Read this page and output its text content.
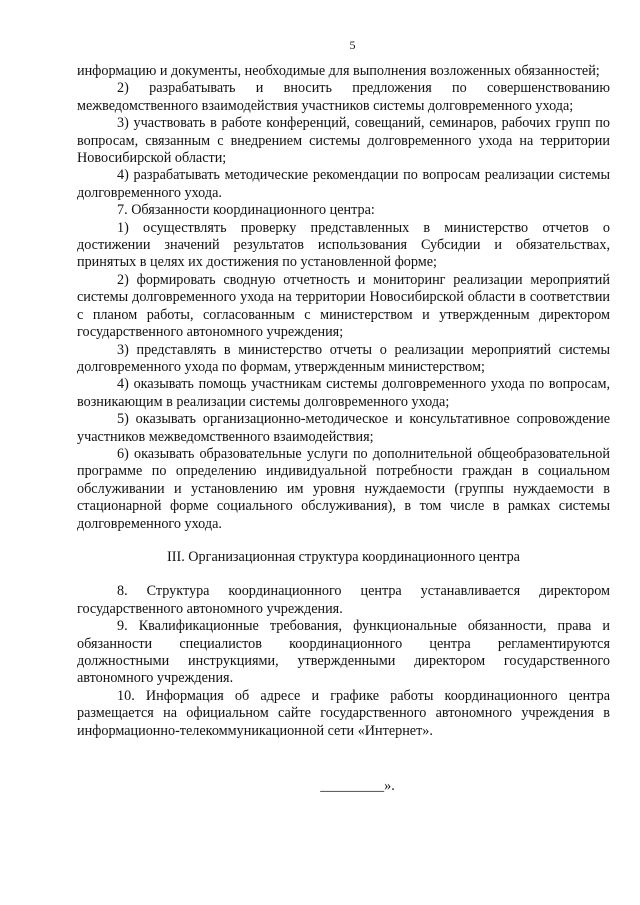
5

информацию и документы, необходимые для выполнения возложенных обязанностей;

2) разрабатывать и вносить предложения по совершенствованию межведомственного взаимодействия участников системы долговременного ухода;

3) участвовать в работе конференций, совещаний, семинаров, рабочих групп по вопросам, связанным с внедрением системы долговременного ухода на территории Новосибирской области;

4) разрабатывать методические рекомендации по вопросам реализации системы долговременного ухода.

7. Обязанности координационного центра:

1) осуществлять проверку представленных в министерство отчетов о достижении значений результатов использования Субсидии и обязательствах, принятых в целях их достижения по установленной форме;

2) формировать сводную отчетность и мониторинг реализации мероприятий системы долговременного ухода на территории Новосибирской области в соответствии с планом работы, согласованным с министерством и утвержденным директором государственного автономного учреждения;

3) представлять в министерство отчеты о реализации мероприятий системы долговременного ухода по формам, утвержденным министерством;

4) оказывать помощь участникам системы долговременного ухода по вопросам, возникающим в реализации системы долговременного ухода;

5) оказывать организационно-методическое и консультативное сопровождение участников межведомственного взаимодействия;

6) оказывать образовательные услуги по дополнительной общеобразовательной программе по определению индивидуальной потребности граждан в социальном обслуживании и установлению им уровня нуждаемости (группы нуждаемости в стационарной форме социального обслуживания), в том числе в рамках системы долговременного ухода.

III. Организационная структура координационного центра

8. Структура координационного центра устанавливается директором государственного автономного учреждения.

9. Квалификационные требования, функциональные обязанности, права и обязанности специалистов координационного центра регламентируются должностными инструкциями, утвержденными директором государственного автономного учреждения.

10. Информация об адресе и графике работы координационного центра размещается на официальном сайте государственного автономного учреждения в информационно-телекоммуникационной сети «Интернет».

_________».
